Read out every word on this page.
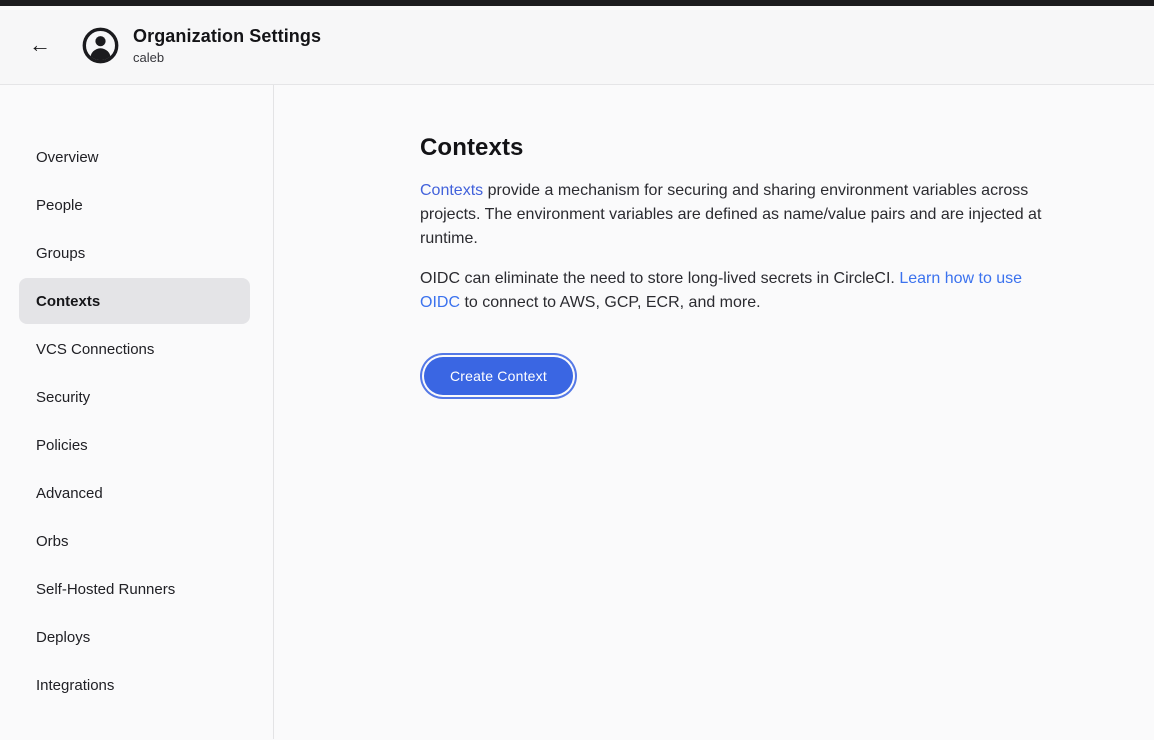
←	Organization Settings
caleb
Overview
People
Groups
Contexts
VCS Connections
Security
Policies
Advanced
Orbs
Self-Hosted Runners
Deploys
Integrations
Contexts

Contexts provide a mechanism for securing and sharing environment variables across projects. The environment variables are defined as name/value pairs and are injected at runtime.

OIDC can eliminate the need to store long-lived secrets in CircleCI. Learn how to use OIDC to connect to AWS, GCP, ECR, and more.

Create Context
